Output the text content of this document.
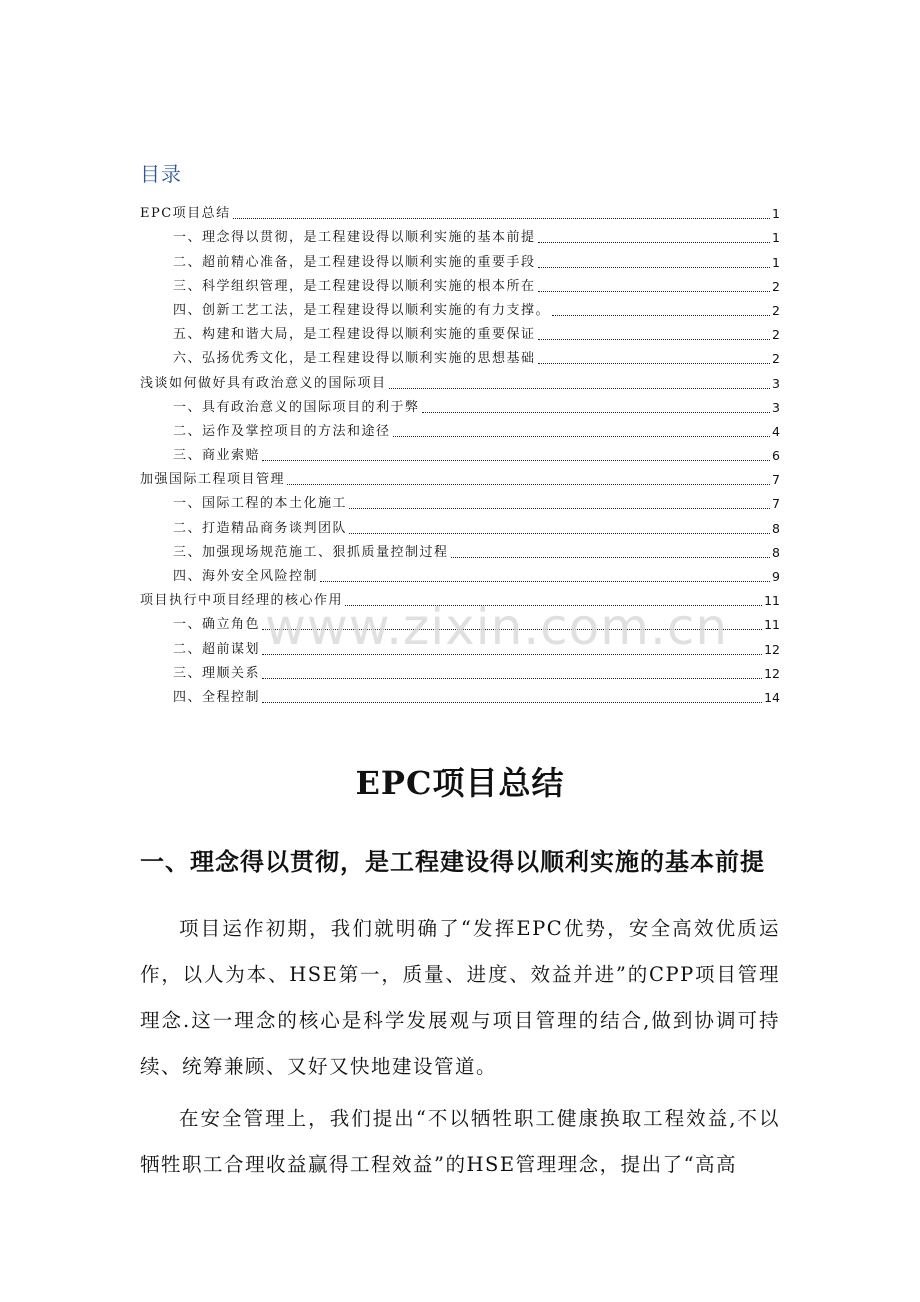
目录
EPC项目总结	1
一、理念得以贯彻，是工程建设得以顺利实施的基本前提	1
二、超前精心准备，是工程建设得以顺利实施的重要手段	1
三、科学组织管理，是工程建设得以顺利实施的根本所在	2
四、创新工艺工法，是工程建设得以顺利实施的有力支撑。	2
五、构建和谐大局，是工程建设得以顺利实施的重要保证	2
六、弘扬优秀文化，是工程建设得以顺利实施的思想基础	2
浅谈如何做好具有政治意义的国际项目	3
一、具有政治意义的国际项目的利于弊	3
二、运作及掌控项目的方法和途径	4
三、商业索赔	6
加强国际工程项目管理	7
一、国际工程的本土化施工	7
二、打造精品商务谈判团队	8
三、加强现场规范施工、狠抓质量控制过程	8
四、海外安全风险控制	9
项目执行中项目经理的核心作用	11
一、确立角色	11
二、超前谋划	12
三、理顺关系	12
四、全程控制	14
www.zixin.com.cn
EPC项目总结
一、理念得以贯彻，是工程建设得以顺利实施的基本前提

项目运作初期，我们就明确了“发挥EPC优势，安全高效优质运作，以人为本、HSE第一，质量、进度、效益并进”的CPP项目管理理念.这一理念的核心是科学发展观与项目管理的结合,做到协调可持续、统筹兼顾、又好又快地建设管道。

在安全管理上，我们提出“不以牺牲职工健康换取工程效益,不以牺牲职工合理收益赢得工程效益”的HSE管理理念，提出了“高高
